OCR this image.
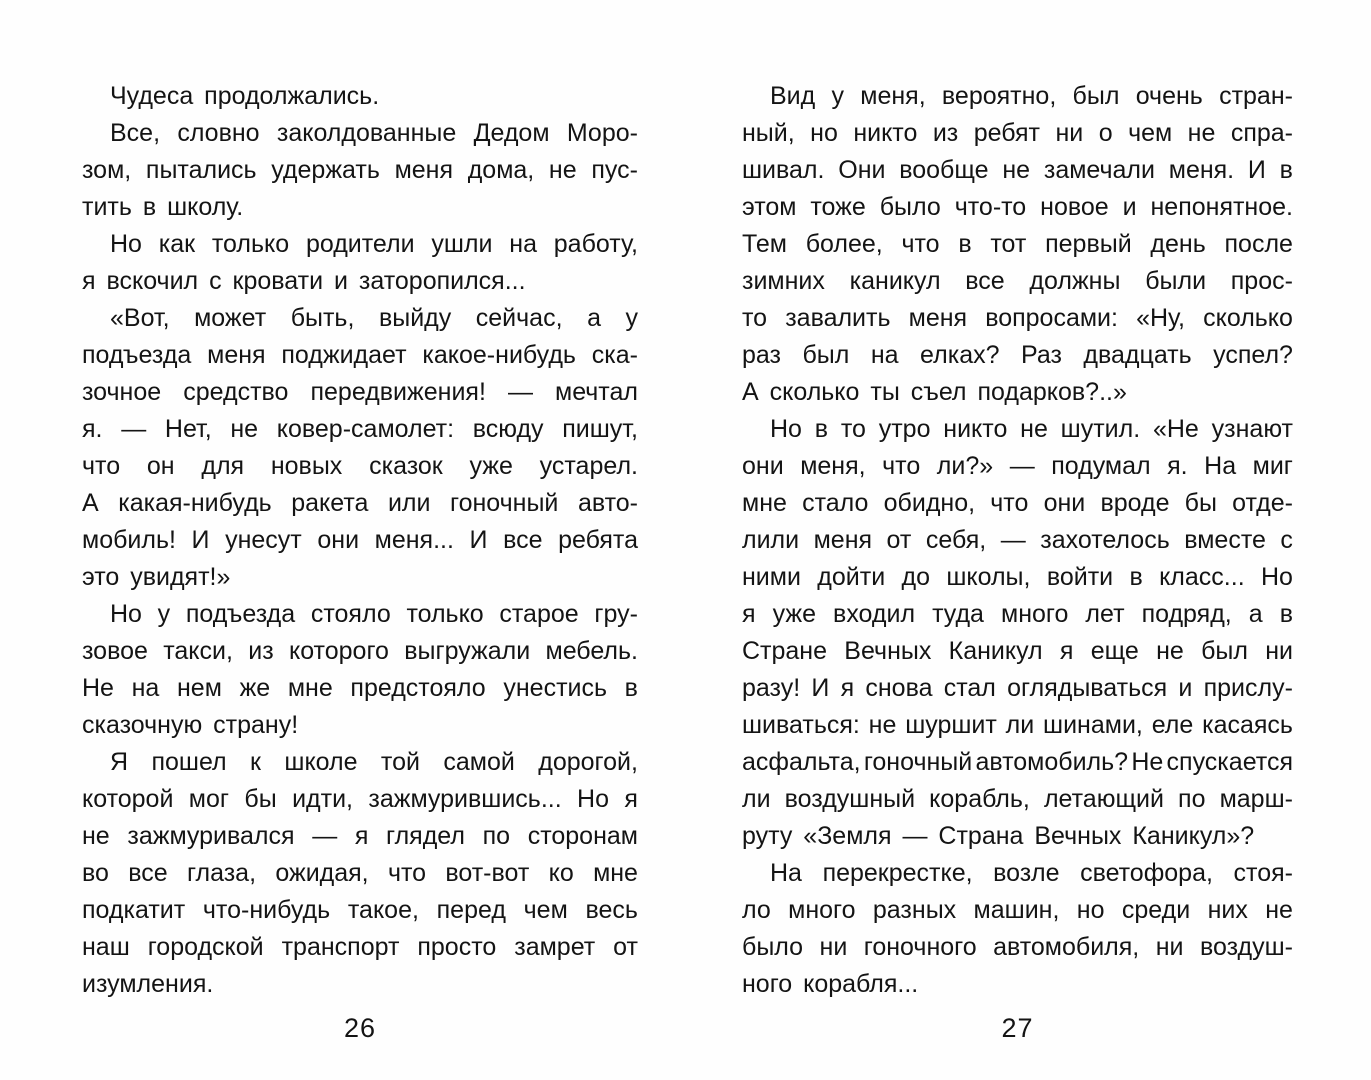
Чудеса продолжались.
Все, словно заколдованные Дедом Моро-
зом, пытались удержать меня дома, не пус-
тить в школу.
Но как только родители ушли на работу,
я вскочил с кровати и заторопился...
«Вот, может быть, выйду сейчас, а у
подъезда меня поджидает какое-нибудь ска-
зочное средство передвижения! — мечтал
я. — Нет, не ковер-самолет: всюду пишут,
что он для новых сказок уже устарел.
А какая-нибудь ракета или гоночный авто-
мобиль! И унесут они меня... И все ребята
это увидят!»
Но у подъезда стояло только старое гру-
зовое такси, из которого выгружали мебель.
Не на нем же мне предстояло унестись в
сказочную страну!
Я пошел к школе той самой дорогой,
которой мог бы идти, зажмурившись... Но я
не зажмуривался — я глядел по сторонам
во все глаза, ожидая, что вот-вот ко мне
подкатит что-нибудь такое, перед чем весь
наш городской транспорт просто замрет от
изумления.
26
Вид у меня, вероятно, был очень стран-
ный, но никто из ребят ни о чем не спра-
шивал. Они вообще не замечали меня. И в
этом тоже было что-то новое и непонятное.
Тем более, что в тот первый день после
зимних каникул все должны были прос-
то завалить меня вопросами: «Ну, сколько
раз был на елках? Раз двадцать успел?
А сколько ты съел подарков?..»
Но в то утро никто не шутил. «Не узнают
они меня, что ли?» — подумал я. На миг
мне стало обидно, что они вроде бы отде-
лили меня от себя, — захотелось вместе с
ними дойти до школы, войти в класс... Но
я уже входил туда много лет подряд, а в
Стране Вечных Каникул я еще не был ни
разу! И я снова стал оглядываться и прислу-
шиваться: не шуршит ли шинами, еле касаясь
асфальта, гоночный автомобиль? Не спускается
ли воздушный корабль, летающий по марш-
руту «Земля — Страна Вечных Каникул»?
На перекрестке, возле светофора, стоя-
ло много разных машин, но среди них не
было ни гоночного автомобиля, ни воздуш-
ного корабля...
27
